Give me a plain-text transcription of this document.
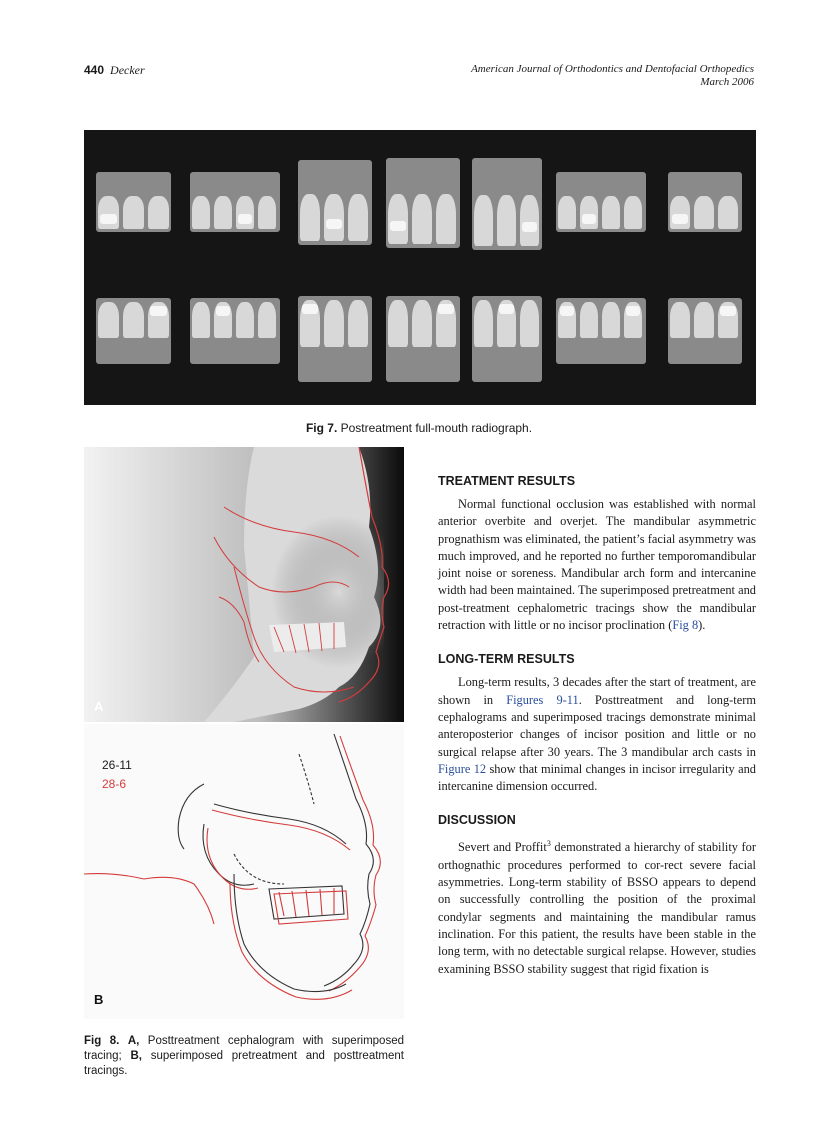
440 Decker	American Journal of Orthodontics and Dentofacial Orthopedics
March 2006
Fig 7. Postreatment full-mouth radiograph.
A
26-11
28-6
B
Fig 8. A, Posttreatment cephalogram with superimposed tracing; B, superimposed pretreatment and posttreatment tracings.
TREATMENT RESULTS

Normal functional occlusion was established with normal anterior overbite and overjet. The mandibular asymmetric prognathism was eliminated, the patient’s facial asymmetry was much improved, and he reported no further temporomandibular joint noise or soreness. Mandibular arch form and intercanine width had been maintained. The superimposed pretreatment and post-treatment cephalometric tracings show the mandibular retraction with little or no incisor proclination (Fig 8).

LONG-TERM RESULTS

Long-term results, 3 decades after the start of treatment, are shown in Figures 9-11. Posttreatment and long-term cephalograms and superimposed tracings demonstrate minimal anteroposterior changes of incisor position and little or no surgical relapse after 30 years. The 3 mandibular arch casts in Figure 12 show that minimal changes in incisor irregularity and intercanine dimension occurred.

DISCUSSION

Severt and Proffit$^3$ demonstrated a hierarchy of stability for orthognathic procedures performed to cor-rect severe facial asymmetries. Long-term stability of BSSO appears to depend on successfully controlling the position of the proximal condylar segments and maintaining the mandibular ramus inclination. For this patient, the results have been stable in the long term, with no detectable surgical relapse. However, studies examining BSSO stability suggest that rigid fixation is
